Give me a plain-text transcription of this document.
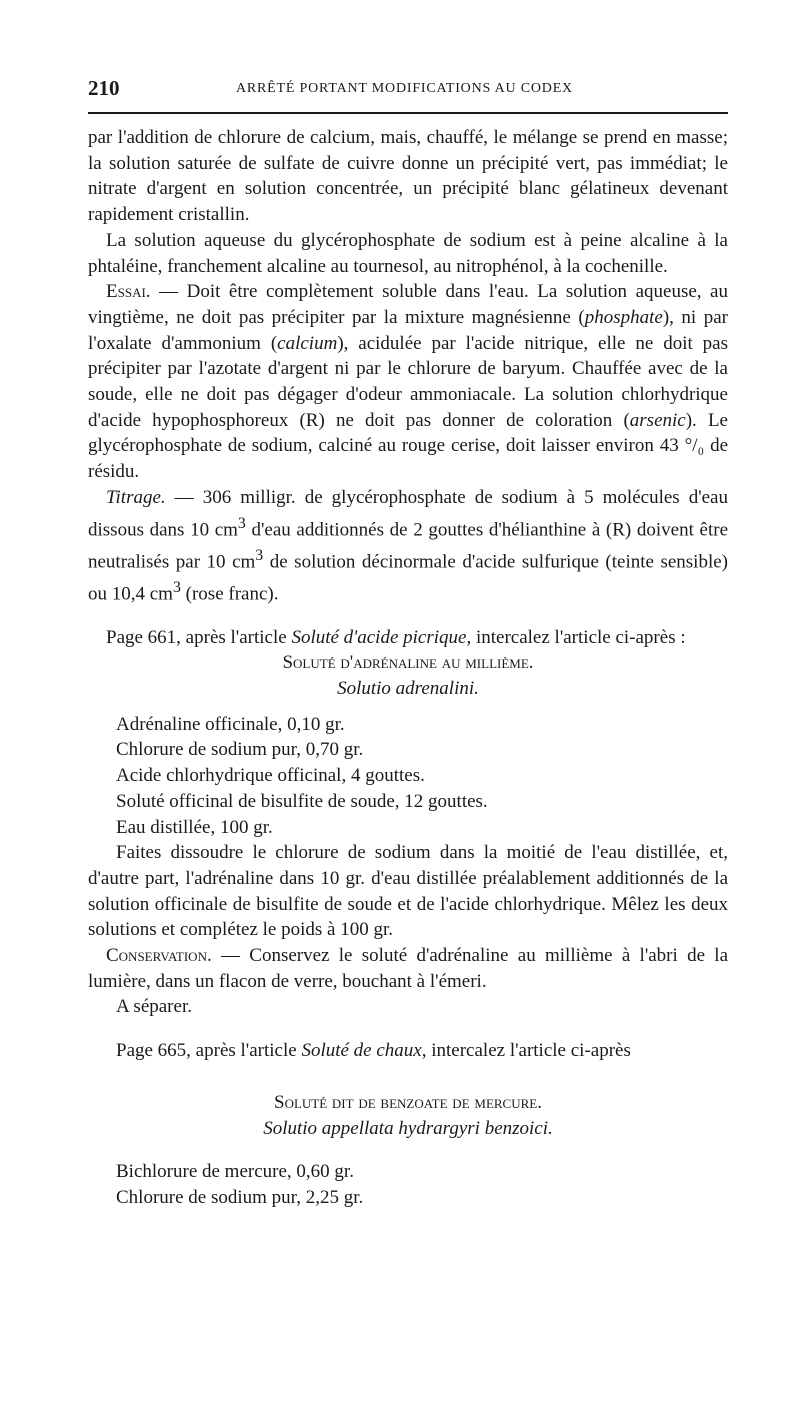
210	ARRÊTÉ PORTANT MODIFICATIONS AU CODEX

par l'addition de chlorure de calcium, mais, chauffé, le mélange se prend en masse; la solution saturée de sulfate de cuivre donne un précipité vert, pas immédiat; le nitrate d'argent en solution concentrée, un précipité blanc gélatineux devenant rapidement cristallin.

La solution aqueuse du glycérophosphate de sodium est à peine alcaline à la phtaléine, franchement alcaline au tournesol, au nitrophénol, à la cochenille.

Essai. — Doit être complètement soluble dans l'eau. La solution aqueuse, au vingtième, ne doit pas précipiter par la mixture magnésienne (phosphate), ni par l'oxalate d'ammonium (calcium), acidulée par l'acide nitrique, elle ne doit pas précipiter par l'azotate d'argent ni par le chlorure de baryum. Chauffée avec de la soude, elle ne doit pas dégager d'odeur ammoniacale. La solution chlorhydrique d'acide hypophosphoreux (R) ne doit pas donner de coloration (arsenic). Le glycérophosphate de sodium, calciné au rouge cerise, doit laisser environ 43 °/₀ de résidu.

Titrage. — 306 milligr. de glycérophosphate de sodium à 5 molécules d'eau dissous dans 10 $cm^3$ d'eau additionnés de 2 gouttes d'hélianthine à (R) doivent être neutralisés par 10 $cm^3$ de solution décinormale d'acide sulfurique (teinte sensible) ou 10,4 $cm^3$ (rose franc).

Page 661, après l'article Soluté d'acide picrique, intercalez l'article ci-après :

Soluté d'adrénaline au millième.

Solutio adrenalini.

Adrénaline officinale, 0,10 gr.

Chlorure de sodium pur, 0,70 gr.

Acide chlorhydrique officinal, 4 gouttes.

Soluté officinal de bisulfite de soude, 12 gouttes.

Eau distillée, 100 gr.

Faites dissoudre le chlorure de sodium dans la moitié de l'eau distillée, et, d'autre part, l'adrénaline dans 10 gr. d'eau distillée préalablement additionnés de la solution officinale de bisulfite de soude et de l'acide chlorhydrique. Mêlez les deux solutions et complétez le poids à 100 gr.

Conservation. — Conservez le soluté d'adrénaline au millième à l'abri de la lumière, dans un flacon de verre, bouchant à l'émeri.

A séparer.

Page 665, après l'article Soluté de chaux, intercalez l'article ci-après

Soluté dit de benzoate de mercure.

Solutio appellata hydrargyri benzoici.

Bichlorure de mercure, 0,60 gr.

Chlorure de sodium pur, 2,25 gr.
